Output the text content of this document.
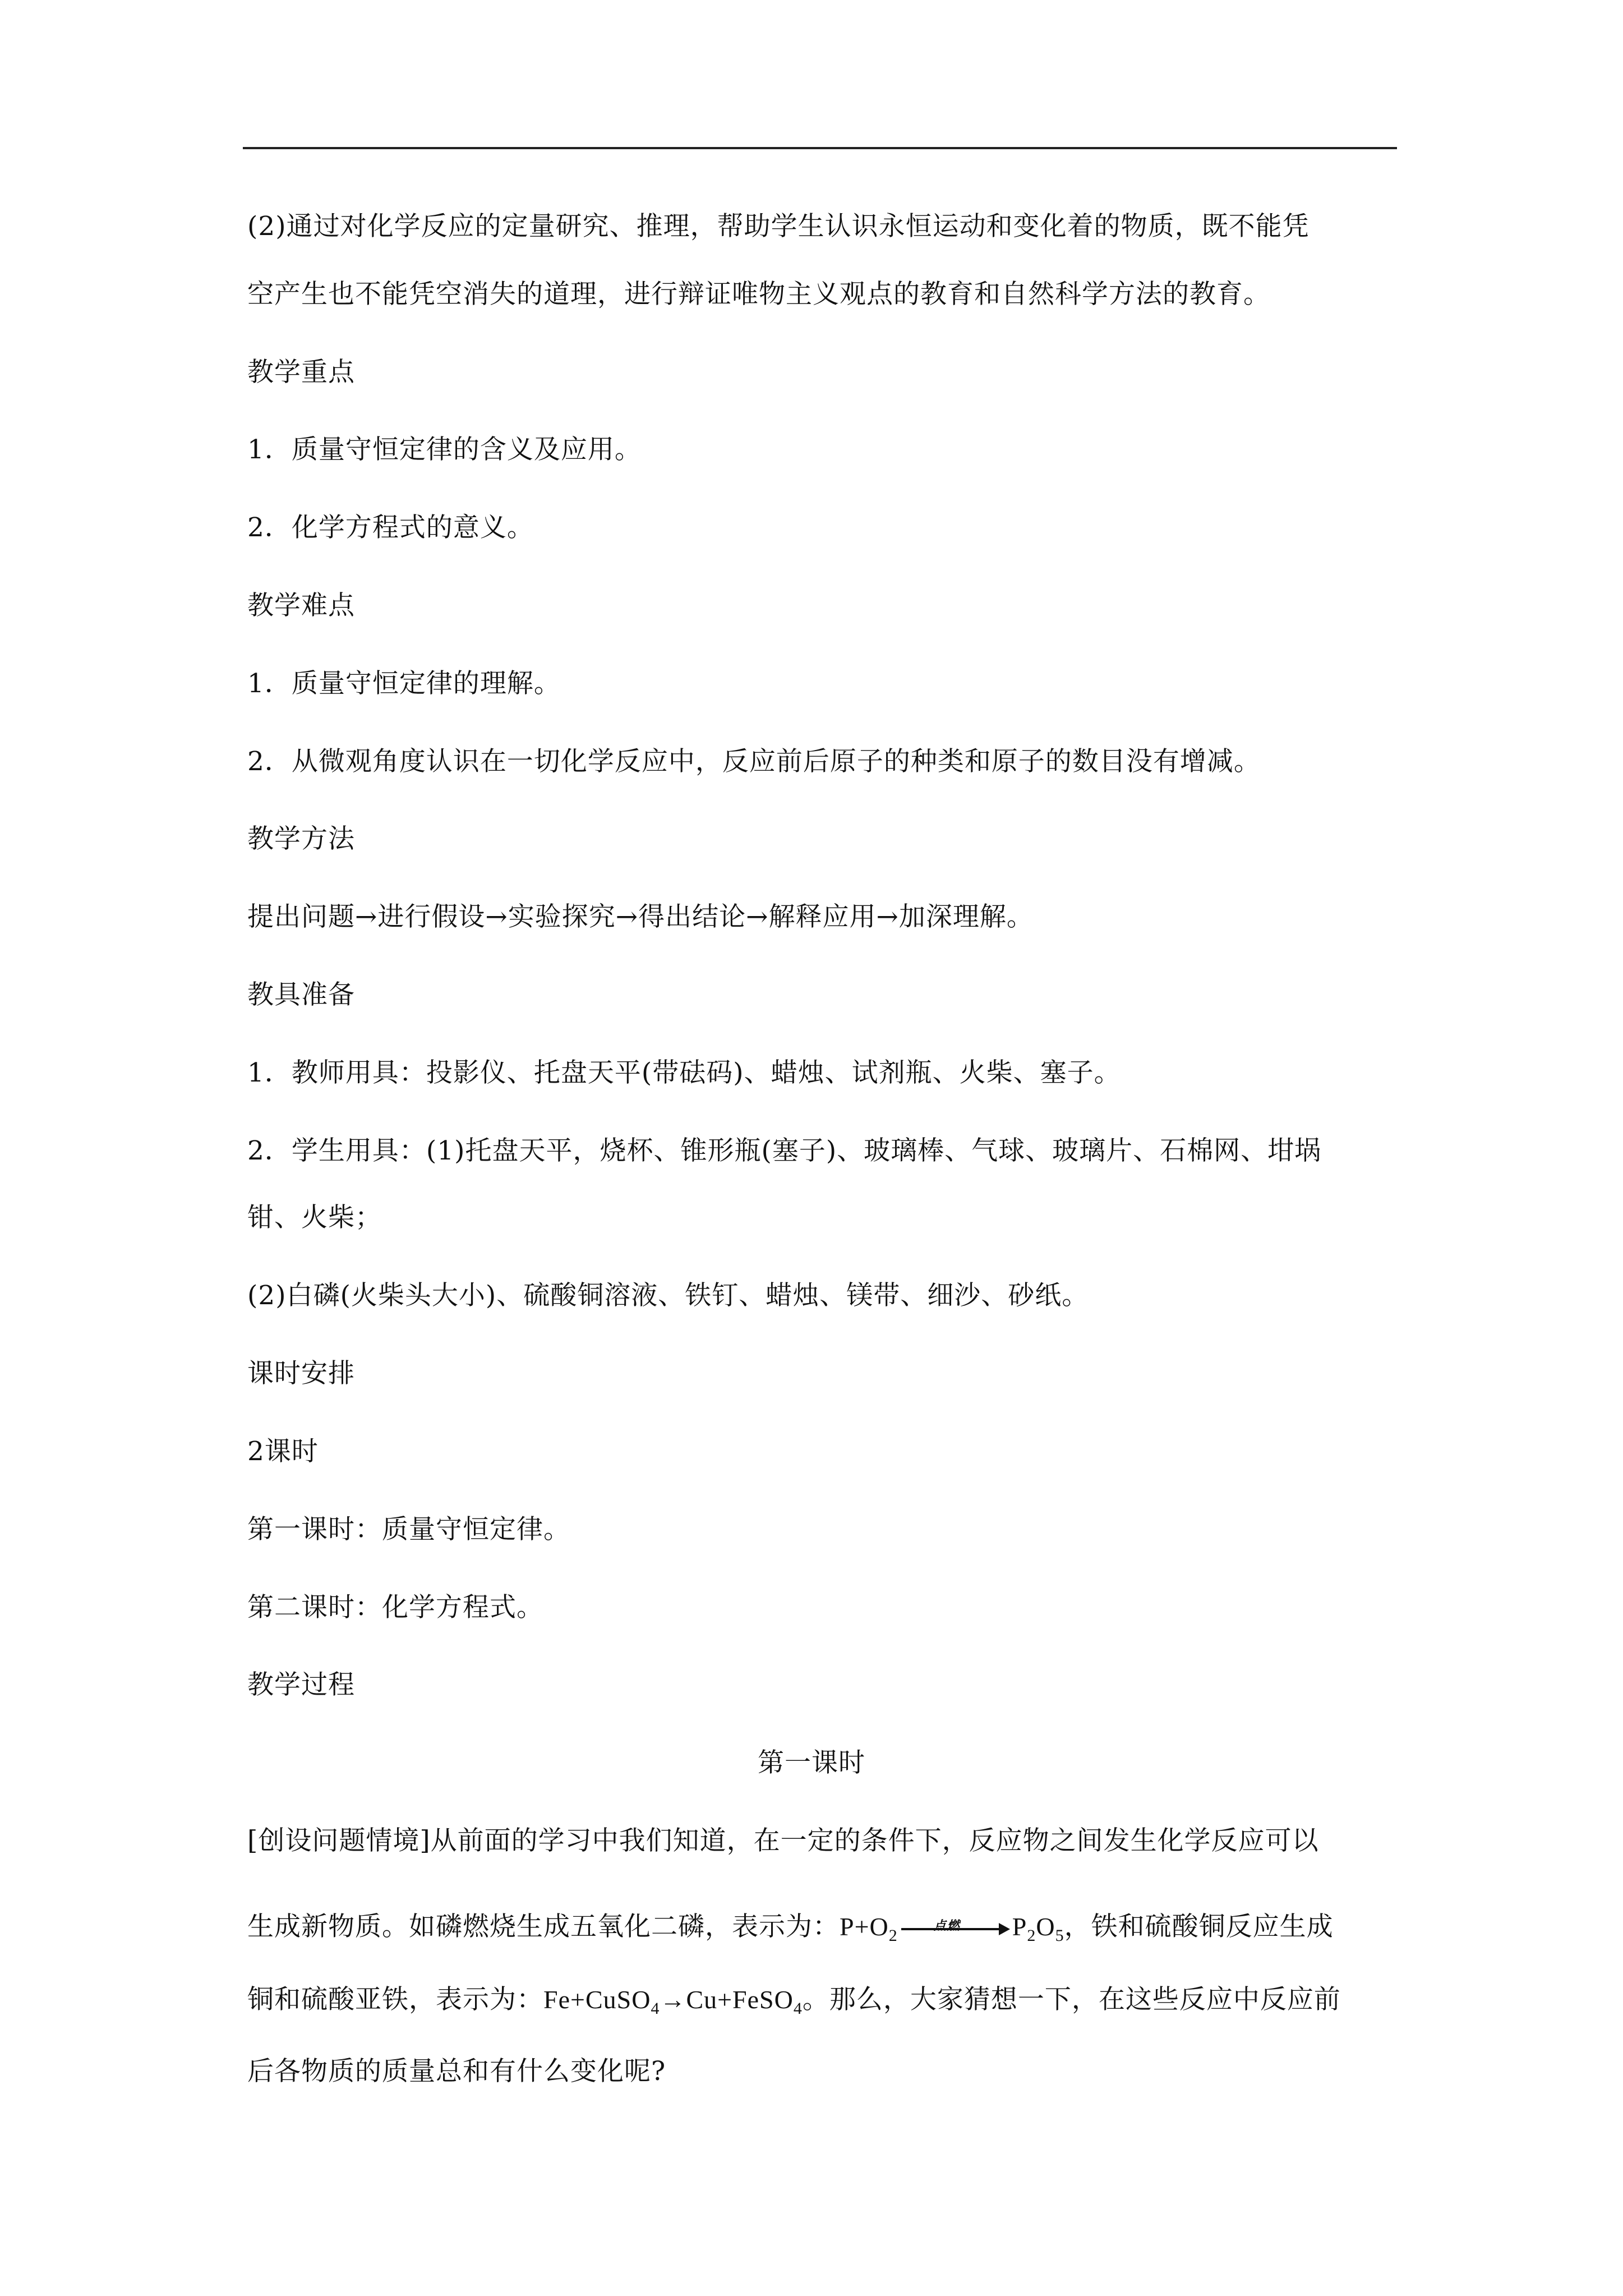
(2)通过对化学反应的定量研究、推理，帮助学生认识永恒运动和变化着的物质，既不能凭
空产生也不能凭空消失的道理，进行辩证唯物主义观点的教育和自然科学方法的教育。
教学重点
1．质量守恒定律的含义及应用。
2．化学方程式的意义。
教学难点
1．质量守恒定律的理解。
2．从微观角度认识在一切化学反应中，反应前后原子的种类和原子的数目没有增减。
教学方法
提出问题→进行假设→实验探究→得出结论→解释应用→加深理解。
教具准备
1．教师用具：投影仪、托盘天平(带砝码)、蜡烛、试剂瓶、火柴、塞子。
2．学生用具：(1)托盘天平，烧杯、锥形瓶(塞子)、玻璃棒、气球、玻璃片、石棉网、坩埚
钳、火柴；
(2)白磷(火柴头大小)、硫酸铜溶液、铁钉、蜡烛、镁带、细沙、砂纸。
课时安排
2课时
第一课时：质量守恒定律。
第二课时：化学方程式。
教学过程
第一课时
[创设问题情境]从前面的学习中我们知道，在一定的条件下，反应物之间发生化学反应可以
生成新物质。如磷燃烧生成五氧化二磷，表示为：$P+O_2$
点燃 $P_2O_5$，铁和硫酸铜反应生成
铜和硫酸亚铁，表示为：Fe+CuSO$_4$→Cu+FeSO$_4$。那么，大家猜想一下，在这些反应中反应前
后各物质的质量总和有什么变化呢?
